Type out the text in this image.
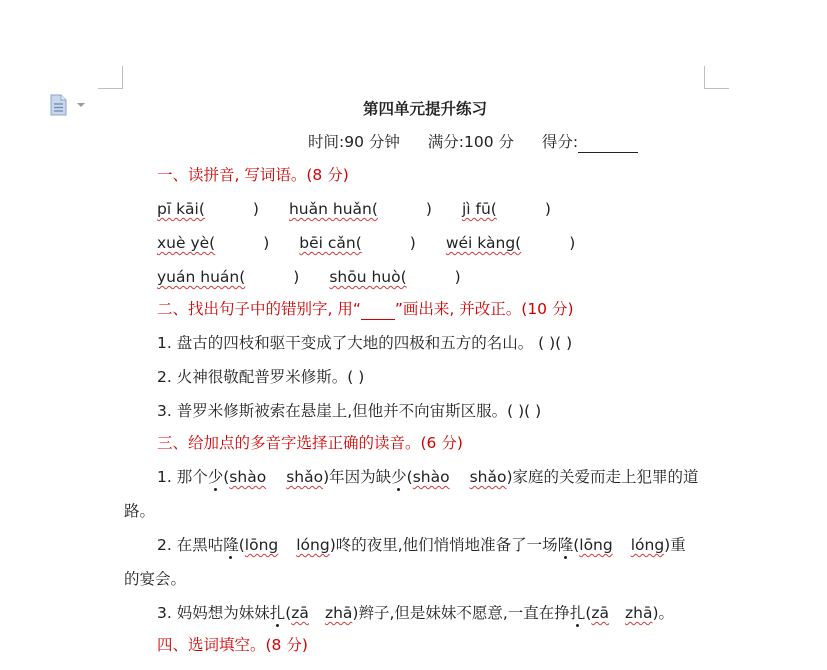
第四单元提升练习
时间:90 分钟 满分:100 分 得分:
一、读拼音, 写词语。(8 分)
pī kāi(	) huǎn huǎn(	) jì fū(	)
xuè yè(	) bēi cǎn(	) wéi kàng(	)
yuán huán(	) shōu huò(	)
二、找出句子中的错别字, 用“ ”画出来, 并改正。(10 分)
1. 盘古的四枝和驱干变成了大地的四极和五方的名山。 ( )( )
2. 火神很敬配普罗米修斯。( )
3. 普罗米修斯被索在悬崖上,但他并不向宙斯区服。( )( )
三、给加点的多音字选择正确的读音。(6 分)
1. 那个少(shào shǎo)年因为缺少(shào shǎo)家庭的关爱而走上犯罪的道
路。
2. 在黑咕隆(lōng lóng)咚的夜里,他们悄悄地准备了一场隆(lōng lóng)重
的宴会。
3. 妈妈想为妹妹扎(zā zhā)辫子,但是妹妹不愿意,一直在挣扎(zā zhā)。
四、选词填空。(8 分)
